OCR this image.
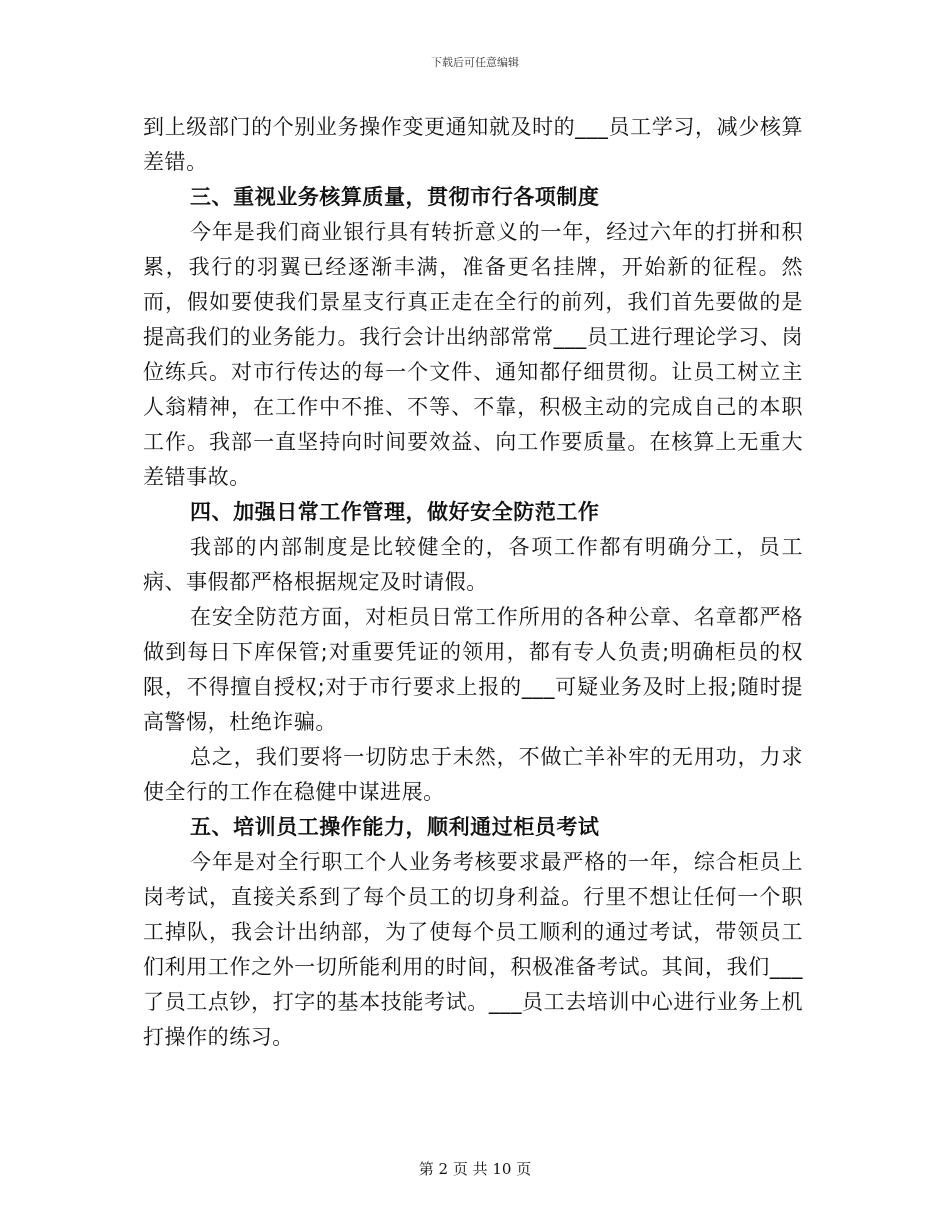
下载后可任意编辑

到上级部门的个别业务操作变更通知就及时的___员工学习，减少核算差错。

三、重视业务核算质量，贯彻市行各项制度

今年是我们商业银行具有转折意义的一年，经过六年的打拼和积累，我行的羽翼已经逐渐丰满，准备更名挂牌，开始新的征程。然而，假如要使我们景星支行真正走在全行的前列，我们首先要做的是提高我们的业务能力。我行会计出纳部常常___员工进行理论学习、岗位练兵。对市行传达的每一个文件、通知都仔细贯彻。让员工树立主人翁精神，在工作中不推、不等、不靠，积极主动的完成自己的本职工作。我部一直坚持向时间要效益、向工作要质量。在核算上无重大差错事故。

四、加强日常工作管理，做好安全防范工作

我部的内部制度是比较健全的，各项工作都有明确分工，员工病、事假都严格根据规定及时请假。

在安全防范方面，对柜员日常工作所用的各种公章、名章都严格做到每日下库保管;对重要凭证的领用，都有专人负责;明确柜员的权限，不得擅自授权;对于市行要求上报的___可疑业务及时上报;随时提高警惕，杜绝诈骗。

总之，我们要将一切防忠于未然，不做亡羊补牢的无用功，力求使全行的工作在稳健中谋进展。

五、培训员工操作能力，顺利通过柜员考试

今年是对全行职工个人业务考核要求最严格的一年，综合柜员上岗考试，直接关系到了每个员工的切身利益。行里不想让任何一个职工掉队，我会计出纳部，为了使每个员工顺利的通过考试，带领员工们利用工作之外一切所能利用的时间，积极准备考试。其间，我们___了员工点钞，打字的基本技能考试。___员工去培训中心进行业务上机打操作的练习。

第 2 页 共 10 页
